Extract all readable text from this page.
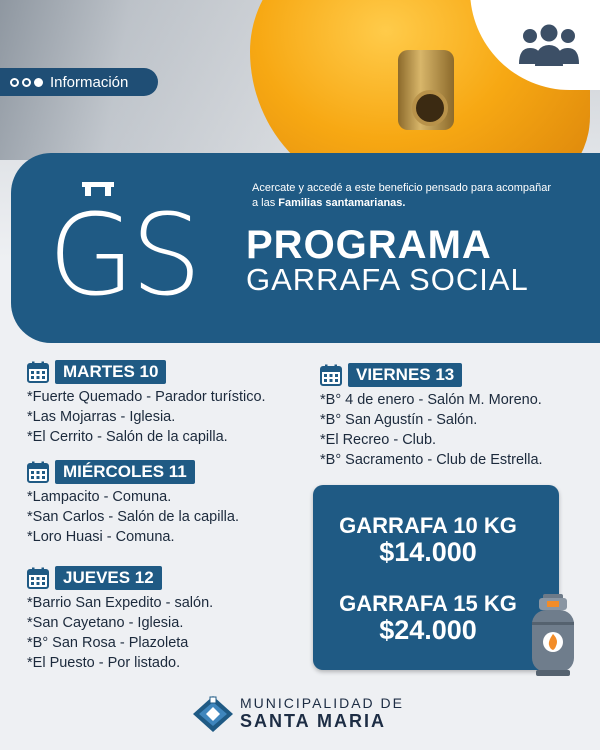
Información
GS
Acercate y accedé a este beneficio pensado para acompañar a las Familias santamarianas.
PROGRAMA
GARRAFA SOCIAL
MARTES 10
*Fuerte Quemado - Parador turístico.
*Las Mojarras - Iglesia.
*El Cerrito - Salón de la capilla.
MIÉRCOLES 11
*Lampacito - Comuna.
*San Carlos - Salón de la capilla.
*Loro Huasi - Comuna.
JUEVES 12
*Barrio San Expedito - salón.
*San Cayetano - Iglesia.
*B° San Rosa - Plazoleta
*El Puesto - Por listado.
VIERNES 13
*B° 4 de enero - Salón M. Moreno.
*B° San Agustín - Salón.
*El Recreo - Club.
*B° Sacramento - Club de Estrella.
GARRAFA 10 KG
$14.000
GARRAFA 15 KG
$24.000
MUNICIPALIDAD DE
SANTA MARIA
